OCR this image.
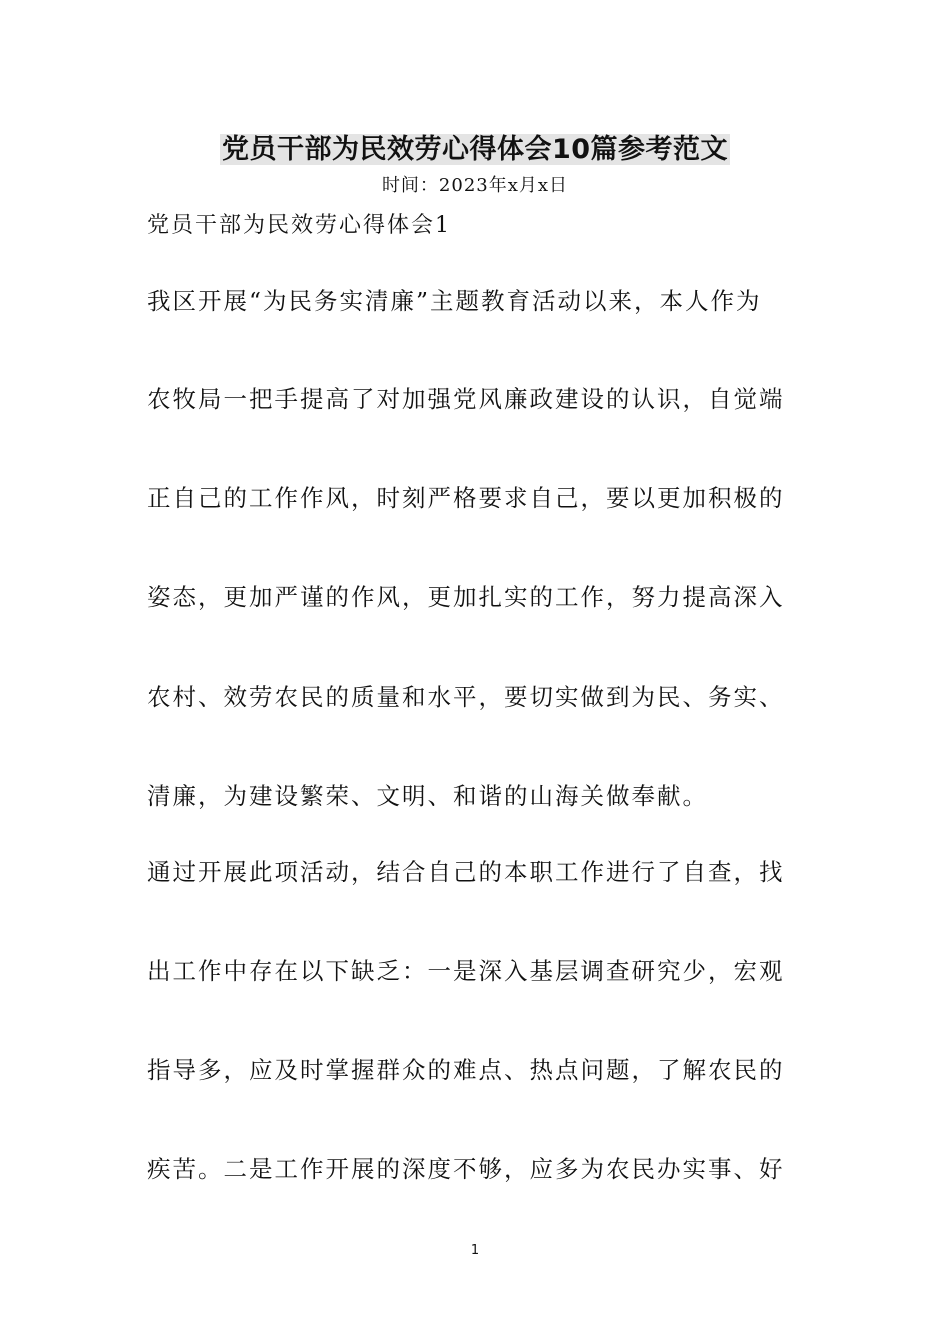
党员干部为民效劳心得体会10篇参考范文
时间：2023年x月x日
党员干部为民效劳心得体会1
我区开展“为民务实清廉”主题教育活动以来，本人作为
农牧局一把手提高了对加强党风廉政建设的认识，自觉端
正自己的工作作风，时刻严格要求自己，要以更加积极的
姿态，更加严谨的作风，更加扎实的工作，努力提高深入
农村、效劳农民的质量和水平，要切实做到为民、务实、
清廉，为建设繁荣、文明、和谐的山海关做奉献。
通过开展此项活动，结合自己的本职工作进行了自查，找
出工作中存在以下缺乏：一是深入基层调查研究少，宏观
指导多，应及时掌握群众的难点、热点问题，了解农民的
疾苦。二是工作开展的深度不够，应多为农民办实事、好
1
